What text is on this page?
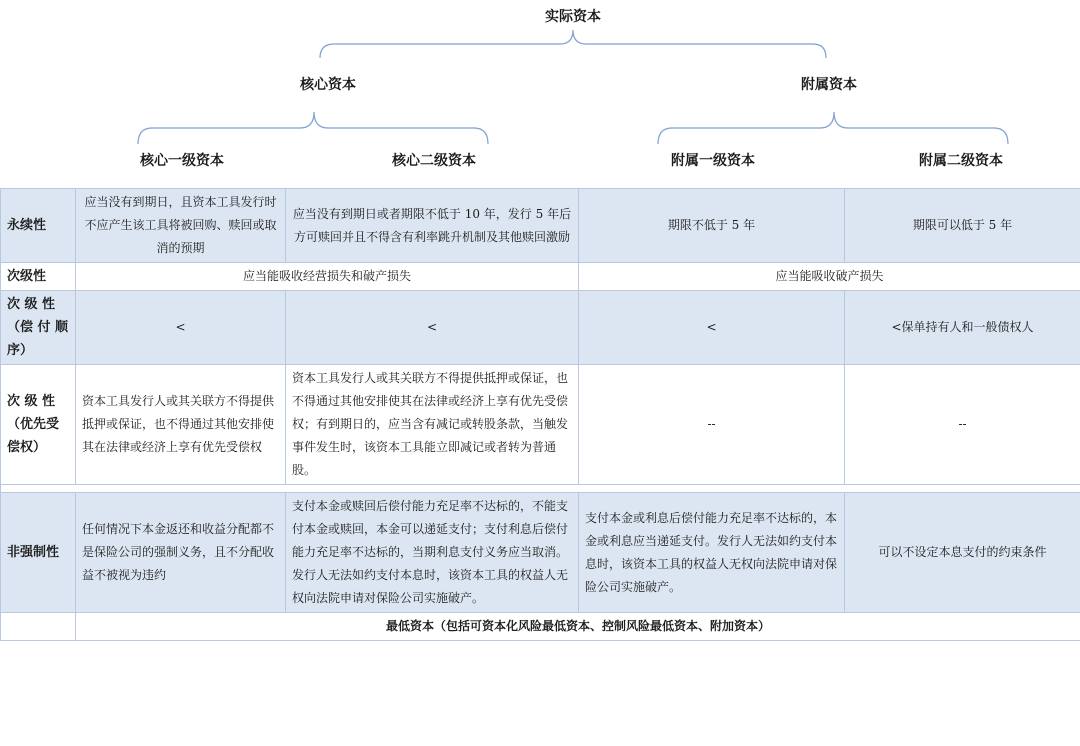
实际资本
核心资本	附属资本
核心一级资本	核心二级资本	附属一级资本	附属二级资本
永续性	应当没有到期日，且资本工具发行时不应产生该工具将被回购、赎回或取消的预期	应当没有到期日或者期限不低于 10 年，发行 5 年后方可赎回并且不得含有利率跳升机制及其他赎回激励	期限不低于 5 年	期限可以低于 5 年
次级性	应当能吸收经营损失和破产损失		应当能吸收破产损失	
次 级 性 （偿 付 顺 序）	<	<	<	<保单持有人和一般债权人
次 级 性 （优先受 偿权）	资本工具发行人或其关联方不得提供抵押或保证，也不得通过其他安排使其在法律或经济上享有优先受偿权	资本工具发行人或其关联方不得提供抵押或保证，也不得通过其他安排使其在法律或经济上享有优先受偿权；有到期日的，应当含有减记或转股条款，当触发事件发生时，该资本工具能立即减记或者转为普通股。	--	--

非强制性	任何情况下本金返还和收益分配都不是保险公司的强制义务，且不分配收益不被视为违约	支付本金或赎回后偿付能力充足率不达标的，不能支付本金或赎回，本金可以递延支付；支付利息后偿付能力充足率不达标的，当期利息支付义务应当取消。发行人无法如约支付本息时，该资本工具的权益人无权向法院申请对保险公司实施破产。	支付本金或利息后偿付能力充足率不达标的，本金或利息应当递延支付。发行人无法如约支付本息时，该资本工具的权益人无权向法院申请对保险公司实施破产。	可以不设定本息支付的约束条件
	最低资本（包括可资本化风险最低资本、控制风险最低资本、附加资本）			
